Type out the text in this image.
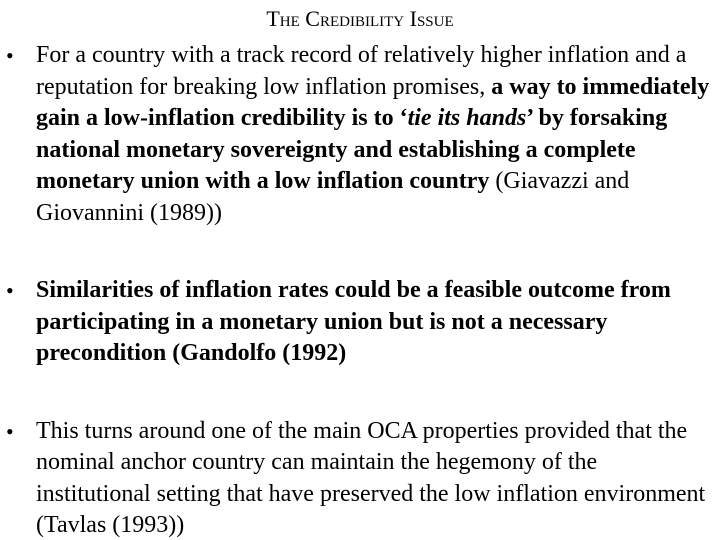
The Credibility Issue
• For a country with a track record of relatively higher inflation and a reputation for breaking low inflation promises, a way to immediately gain a low-inflation credibility is to ‘tie its hands’ by forsaking national monetary sovereignty and establishing a complete monetary union with a low inflation country (Giavazzi and Giovannini (1989))
• Similarities of inflation rates could be a feasible outcome from participating in a monetary union but is not a necessary precondition (Gandolfo (1992)
• This turns around one of the main OCA properties provided that the nominal anchor country can maintain the hegemony of the institutional setting that have preserved the low inflation environment (Tavlas (1993))
